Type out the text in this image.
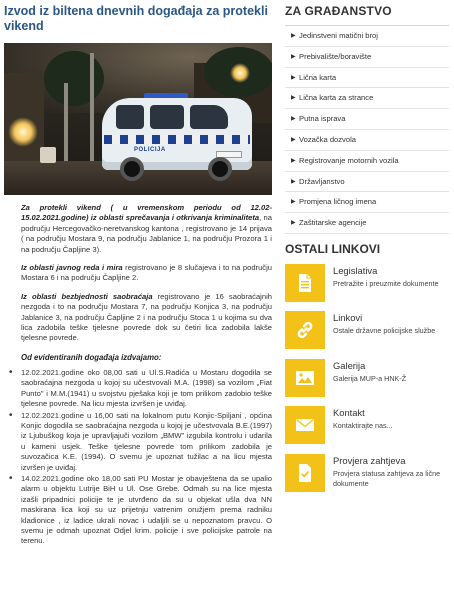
Izvod iz biltena dnevnih događaja za protekli vikend
POLICIJA

Za protekli vikend ( u vremenskom periodu od 12.02-15.02.2021.godine) iz oblasti sprečavanja i otkrivanja kriminaliteta, na području Hercegovačko-neretvanskog kantona , registrovano je 14 prijava ( na području Mostara 9, na području Jablanice 1, na području Prozora 1 i na području Čapljine 3).

Iz oblasti javnog reda i mira registrovano je 8 slučajeva i to na području Mostara 6 i na području Čapljine 2.

Iz oblasti bezbjednosti saobraćaja registrovano je 16 saobraćajnih nezgoda i to na području Mostara 7, na području Konjica 3, na području Jablanice 3, na području Čapljine 2 i na području Stoca 1 u kojima su dva lica zadobila teške tjelesne povrede dok su četiri lica zadobila lakše tjelesne povrede.

Od evidentiranih događaja izdvajamo:

• 12.02.2021.godine oko 08,00 sati u Ul.S.Radića u Mostaru dogodila se saobraćajna nezgoda u kojoj su učestvovali M.A. (1998) sa vozilom „Fiat Punto" i M.M.(1941) u svojstvu pješaka koji je tom prilikom zadobio teške tjelesne povrede. Na licu mjesta izvršen je uviđaj.
• 12.02.2021.godine u 16,00 sati na lokalnom putu Konjic-Spiljani , općina Konjic dogodila se saobraćajna nezgoda u kojoj je učestvovala B.E.(1997) iz Ljubuškog koja je upravljajuči vozilom „BMW" izgubila kontrolu i udarila u kameni usjek. Teške tjelesne povrede tom prilikom zadobila je suvozačica K.E. (1994). O svemu je upoznat tužilac a na licu mjesta izvršen je uviđaj.
• 14.02.2021.godine oko 18,00 sati PU Mostar je obavještena da se upalio alarm u objektu Lutrije BiH u Ul. Ose Grebe. Odmah su na lice mjesta izašli pripadnici policije te je utvrđeno da su u objekat ušla dva NN maskirana lica koji su uz prijetnju vatrenim oružjem prema radniku kladionice , iz ladice ukrali novac i udaljili se u nepoznatom pravcu. O svemu je odmah upoznat Odjel krim. policije i sve policijske patrole na terenu.
ZA GRAĐANSTVO
▶ Jedinstveni matični broj
▶ Prebivalište/boravište
▶ Lična karta
▶ Lična karta za strance
▶ Putna isprava
▶ Vozačka dozvola
▶ Registrovanje motornih vozila
▶ Državljanstvo
▶ Promjena ličnog imena
▶ Zaštitarske agencije
OSTALI LINKOVI
Legislativa
Pretražite i preuzmite dokumente
Linkovi
Ostale državne policijske službe
Galerija
Galerija MUP-a HNK-Ž
Kontakt
Kontaktirajte nas...
Provjera zahtjeva
Provjera statusa zahtjeva za lične dokumente
